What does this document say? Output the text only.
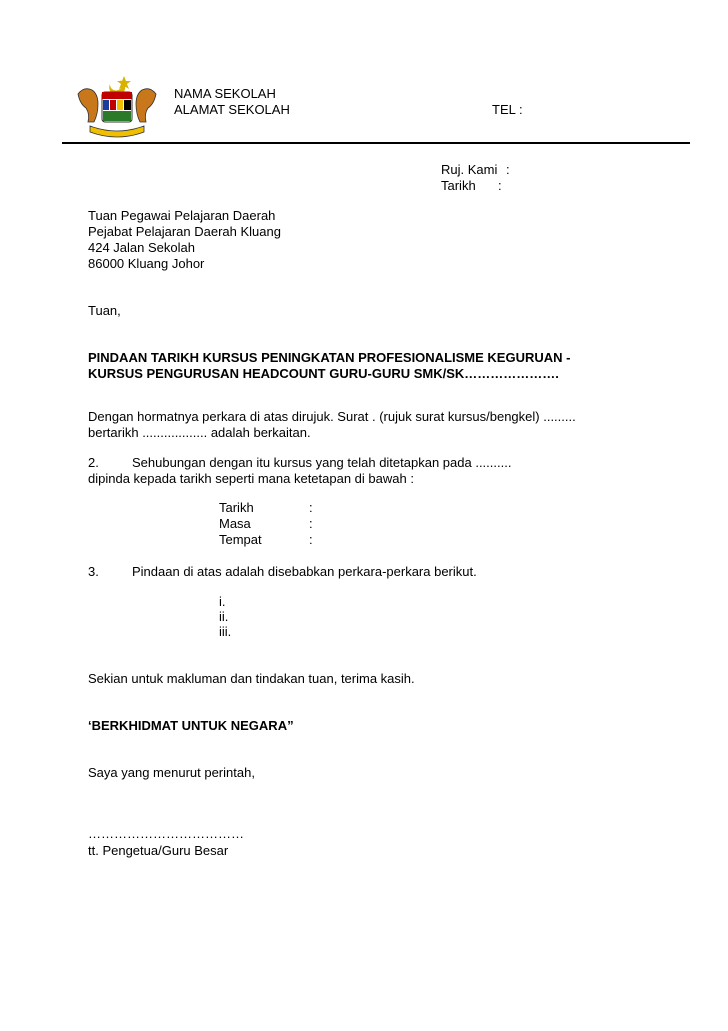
NAMA SEKOLAH
ALAMAT SEKOLAH	TEL :
Ruj. Kami :
Tarikh :
Tuan Pegawai Pelajaran Daerah
Pejabat Pelajaran Daerah Kluang
424 Jalan Sekolah
86000 Kluang Johor
Tuan,
PINDAAN TARIKH KURSUS PENINGKATAN PROFESIONALISME KEGURUAN -
KURSUS PENGURUSAN HEADCOUNT GURU-GURU SMK/SK………………….
Dengan hormatnya perkara di atas dirujuk. Surat . (rujuk surat kursus/bengkel) .........
bertarikh .................. adalah berkaitan.
2.	Sehubungan dengan itu kursus yang telah ditetapkan pada ..........
dipinda kepada tarikh seperti mana ketetapan di bawah :
Tarikh	:
Masa	:
Tempat	:
3.	Pindaan di atas adalah disebabkan perkara-perkara berikut.
i.
ii.
iii.
Sekian untuk makluman dan tindakan tuan, terima kasih.
‘BERKHIDMAT UNTUK NEGARA”
Saya yang menurut perintah,
………………………………
tt. Pengetua/Guru Besar
